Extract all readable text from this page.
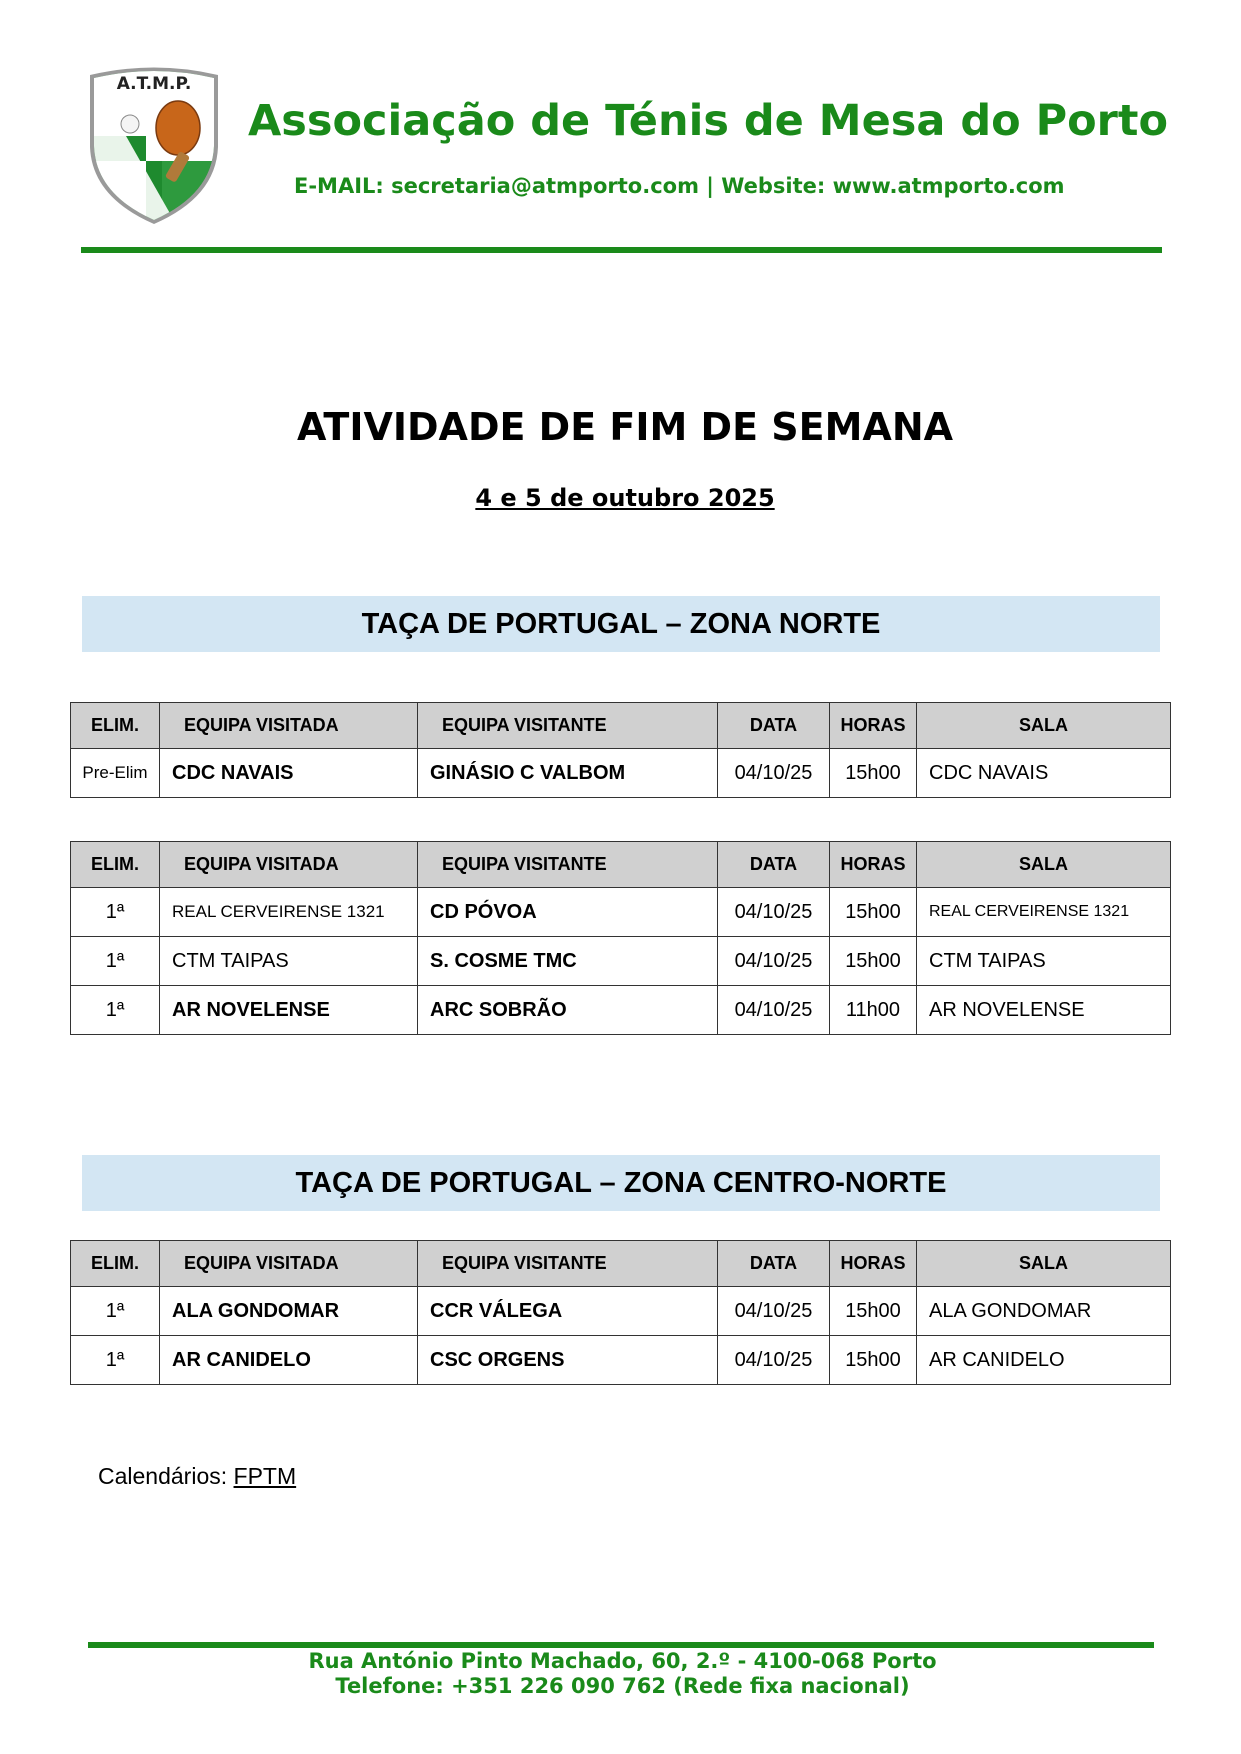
A.T.M.P.
Associação de Ténis de Mesa do Porto
E-MAIL: secretaria@atmporto.com | Website: www.atmporto.com
ATIVIDADE DE FIM DE SEMANA
4 e 5 de outubro 2025
TAÇA DE PORTUGAL – ZONA NORTE
ELIM.	EQUIPA VISITADA	EQUIPA VISITANTE	DATA	HORAS	SALA
Pre-Elim	CDC NAVAIS	GINÁSIO C VALBOM	04/10/25	15h00	CDC NAVAIS
ELIM.	EQUIPA VISITADA	EQUIPA VISITANTE	DATA	HORAS	SALA
1ª	REAL CERVEIRENSE 1321	CD PÓVOA	04/10/25	15h00	REAL CERVEIRENSE 1321
1ª	CTM TAIPAS	S. COSME TMC	04/10/25	15h00	CTM TAIPAS
1ª	AR NOVELENSE	ARC SOBRÃO	04/10/25	11h00	AR NOVELENSE
TAÇA DE PORTUGAL – ZONA CENTRO-NORTE
ELIM.	EQUIPA VISITADA	EQUIPA VISITANTE	DATA	HORAS	SALA
1ª	ALA GONDOMAR	CCR VÁLEGA	04/10/25	15h00	ALA GONDOMAR
1ª	AR CANIDELO	CSC ORGENS	04/10/25	15h00	AR CANIDELO
Calendários: FPTM
Rua António Pinto Machado, 60, 2.º - 4100-068 Porto
Telefone: +351 226 090 762 (Rede fixa nacional)
